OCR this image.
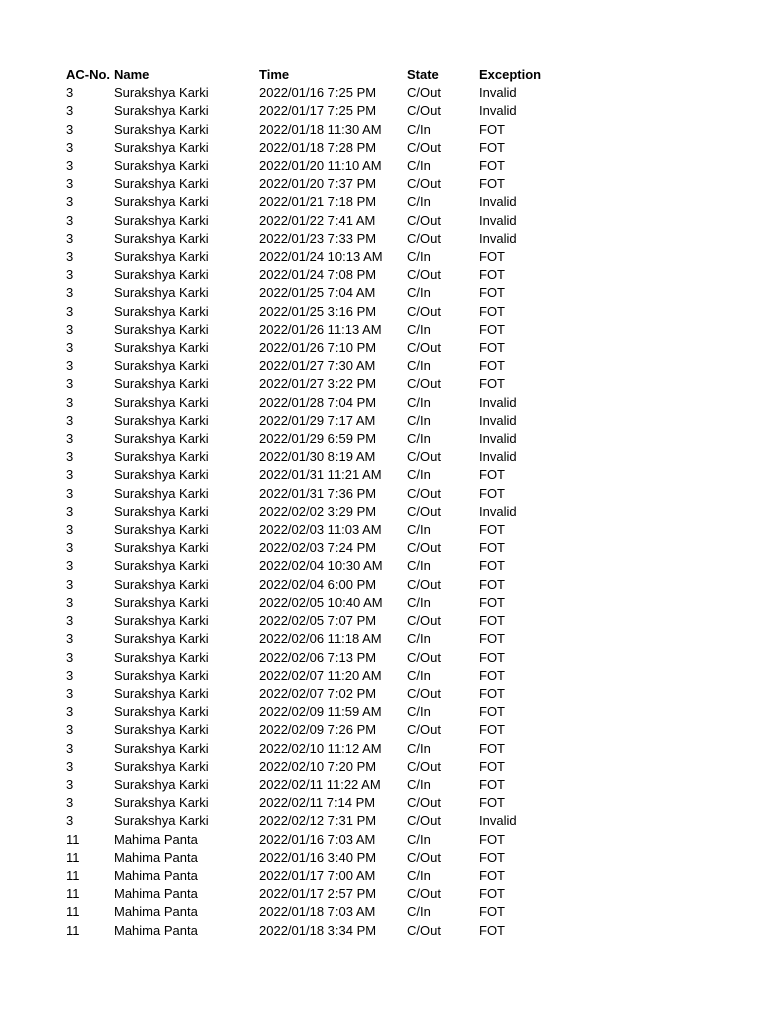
AC-No.	Name	Time	State	Exception
3	Surakshya Karki	2022/01/16 7:25 PM	C/Out	Invalid
3	Surakshya Karki	2022/01/17 7:25 PM	C/Out	Invalid
3	Surakshya Karki	2022/01/18 11:30 AM	C/In	FOT
3	Surakshya Karki	2022/01/18 7:28 PM	C/Out	FOT
3	Surakshya Karki	2022/01/20 11:10 AM	C/In	FOT
3	Surakshya Karki	2022/01/20 7:37 PM	C/Out	FOT
3	Surakshya Karki	2022/01/21 7:18 PM	C/In	Invalid
3	Surakshya Karki	2022/01/22 7:41 AM	C/Out	Invalid
3	Surakshya Karki	2022/01/23 7:33 PM	C/Out	Invalid
3	Surakshya Karki	2022/01/24 10:13 AM	C/In	FOT
3	Surakshya Karki	2022/01/24 7:08 PM	C/Out	FOT
3	Surakshya Karki	2022/01/25 7:04 AM	C/In	FOT
3	Surakshya Karki	2022/01/25 3:16 PM	C/Out	FOT
3	Surakshya Karki	2022/01/26 11:13 AM	C/In	FOT
3	Surakshya Karki	2022/01/26 7:10 PM	C/Out	FOT
3	Surakshya Karki	2022/01/27 7:30 AM	C/In	FOT
3	Surakshya Karki	2022/01/27 3:22 PM	C/Out	FOT
3	Surakshya Karki	2022/01/28 7:04 PM	C/In	Invalid
3	Surakshya Karki	2022/01/29 7:17 AM	C/In	Invalid
3	Surakshya Karki	2022/01/29 6:59 PM	C/In	Invalid
3	Surakshya Karki	2022/01/30 8:19 AM	C/Out	Invalid
3	Surakshya Karki	2022/01/31 11:21 AM	C/In	FOT
3	Surakshya Karki	2022/01/31 7:36 PM	C/Out	FOT
3	Surakshya Karki	2022/02/02 3:29 PM	C/Out	Invalid
3	Surakshya Karki	2022/02/03 11:03 AM	C/In	FOT
3	Surakshya Karki	2022/02/03 7:24 PM	C/Out	FOT
3	Surakshya Karki	2022/02/04 10:30 AM	C/In	FOT
3	Surakshya Karki	2022/02/04 6:00 PM	C/Out	FOT
3	Surakshya Karki	2022/02/05 10:40 AM	C/In	FOT
3	Surakshya Karki	2022/02/05 7:07 PM	C/Out	FOT
3	Surakshya Karki	2022/02/06 11:18 AM	C/In	FOT
3	Surakshya Karki	2022/02/06 7:13 PM	C/Out	FOT
3	Surakshya Karki	2022/02/07 11:20 AM	C/In	FOT
3	Surakshya Karki	2022/02/07 7:02 PM	C/Out	FOT
3	Surakshya Karki	2022/02/09 11:59 AM	C/In	FOT
3	Surakshya Karki	2022/02/09 7:26 PM	C/Out	FOT
3	Surakshya Karki	2022/02/10 11:12 AM	C/In	FOT
3	Surakshya Karki	2022/02/10 7:20 PM	C/Out	FOT
3	Surakshya Karki	2022/02/11 11:22 AM	C/In	FOT
3	Surakshya Karki	2022/02/11 7:14 PM	C/Out	FOT
3	Surakshya Karki	2022/02/12 7:31 PM	C/Out	Invalid
11	Mahima Panta	2022/01/16 7:03 AM	C/In	FOT
11	Mahima Panta	2022/01/16 3:40 PM	C/Out	FOT
11	Mahima Panta	2022/01/17 7:00 AM	C/In	FOT
11	Mahima Panta	2022/01/17 2:57 PM	C/Out	FOT
11	Mahima Panta	2022/01/18 7:03 AM	C/In	FOT
11	Mahima Panta	2022/01/18 3:34 PM	C/Out	FOT
